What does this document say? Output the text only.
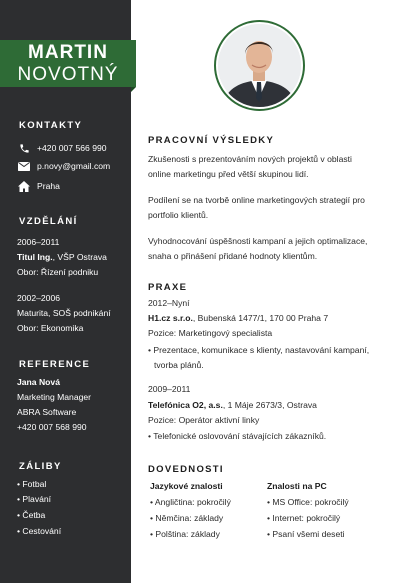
KONTAKTY
+420 007 566 990
p.novy@gmail.com
Praha
VZDĚLÁNÍ
2006–2011
Titul Ing., VŠP Ostrava
Obor: Řízení podniku
2002–2006
Maturita, SOŠ podnikání
Obor: Ekonomika
REFERENCE
Jana Nová
Marketing Manager
ABRA Software
+420 007 568 990
ZÁLIBY
• Fotbal
• Plavání
• Četba
• Cestování
MARTIN
NOVOTNÝ
PRACOVNÍ VÝSLEDKY
Zkušenosti s prezentováním nových projektů v oblasti
online marketingu před větší skupinou lidí.
Podílení se na tvorbě online marketingových strategií pro
portfolio klientů.
Vyhodnocování úspěšnosti kampaní a jejich optimalizace,
snaha o přinášení přidané hodnoty klientům.
PRAXE
2012–Nyní
H1.cz s.r.o., Bubenská 1477/1, 170 00 Praha 7
Pozice: Marketingový specialista
• Prezentace, komunikace s klienty, nastavování kampaní,
tvorba plánů.
2009–2011
Telefónica O2, a.s., 1 Máje 2673/3, Ostrava
Pozice: Operátor aktivní linky
• Telefonické oslovování stávajících zákazníků.
DOVEDNOSTI
Jazykové znalosti
• Angličtina: pokročilý
• Němčina: základy
• Polština: základy
Znalosti na PC
• MS Office: pokročilý
• Internet: pokročilý
• Psaní všemi deseti
